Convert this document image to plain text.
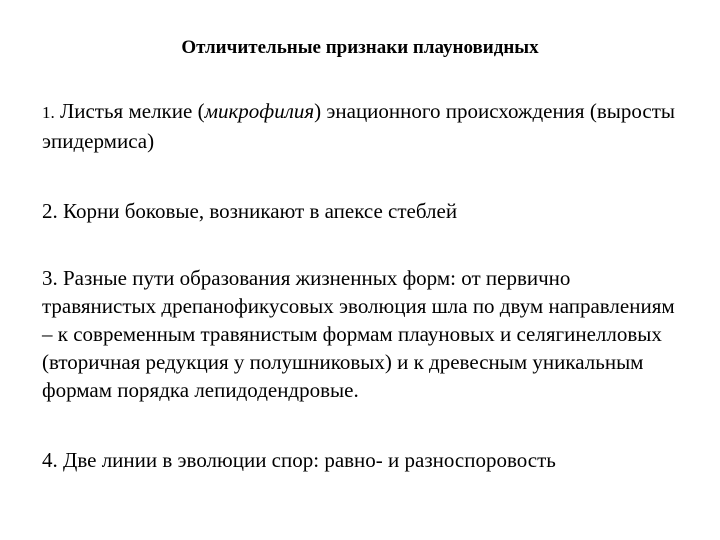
Отличительные признаки плауновидных
1. Листья мелкие (микрофилия) энационного происхождения (выросты эпидермиса)
2. Корни боковые, возникают в апексе стеблей
3. Разные пути образования жизненных форм: от первично травянистых дрепанофикусовых эволюция шла по двум направлениям – к современным травянистым формам плауновых и селягинелловых (вторичная редукция у полушниковых) и к древесным уникальным формам порядка лепидодендровые.
4. Две линии в эволюции спор: равно- и разноспоровость
